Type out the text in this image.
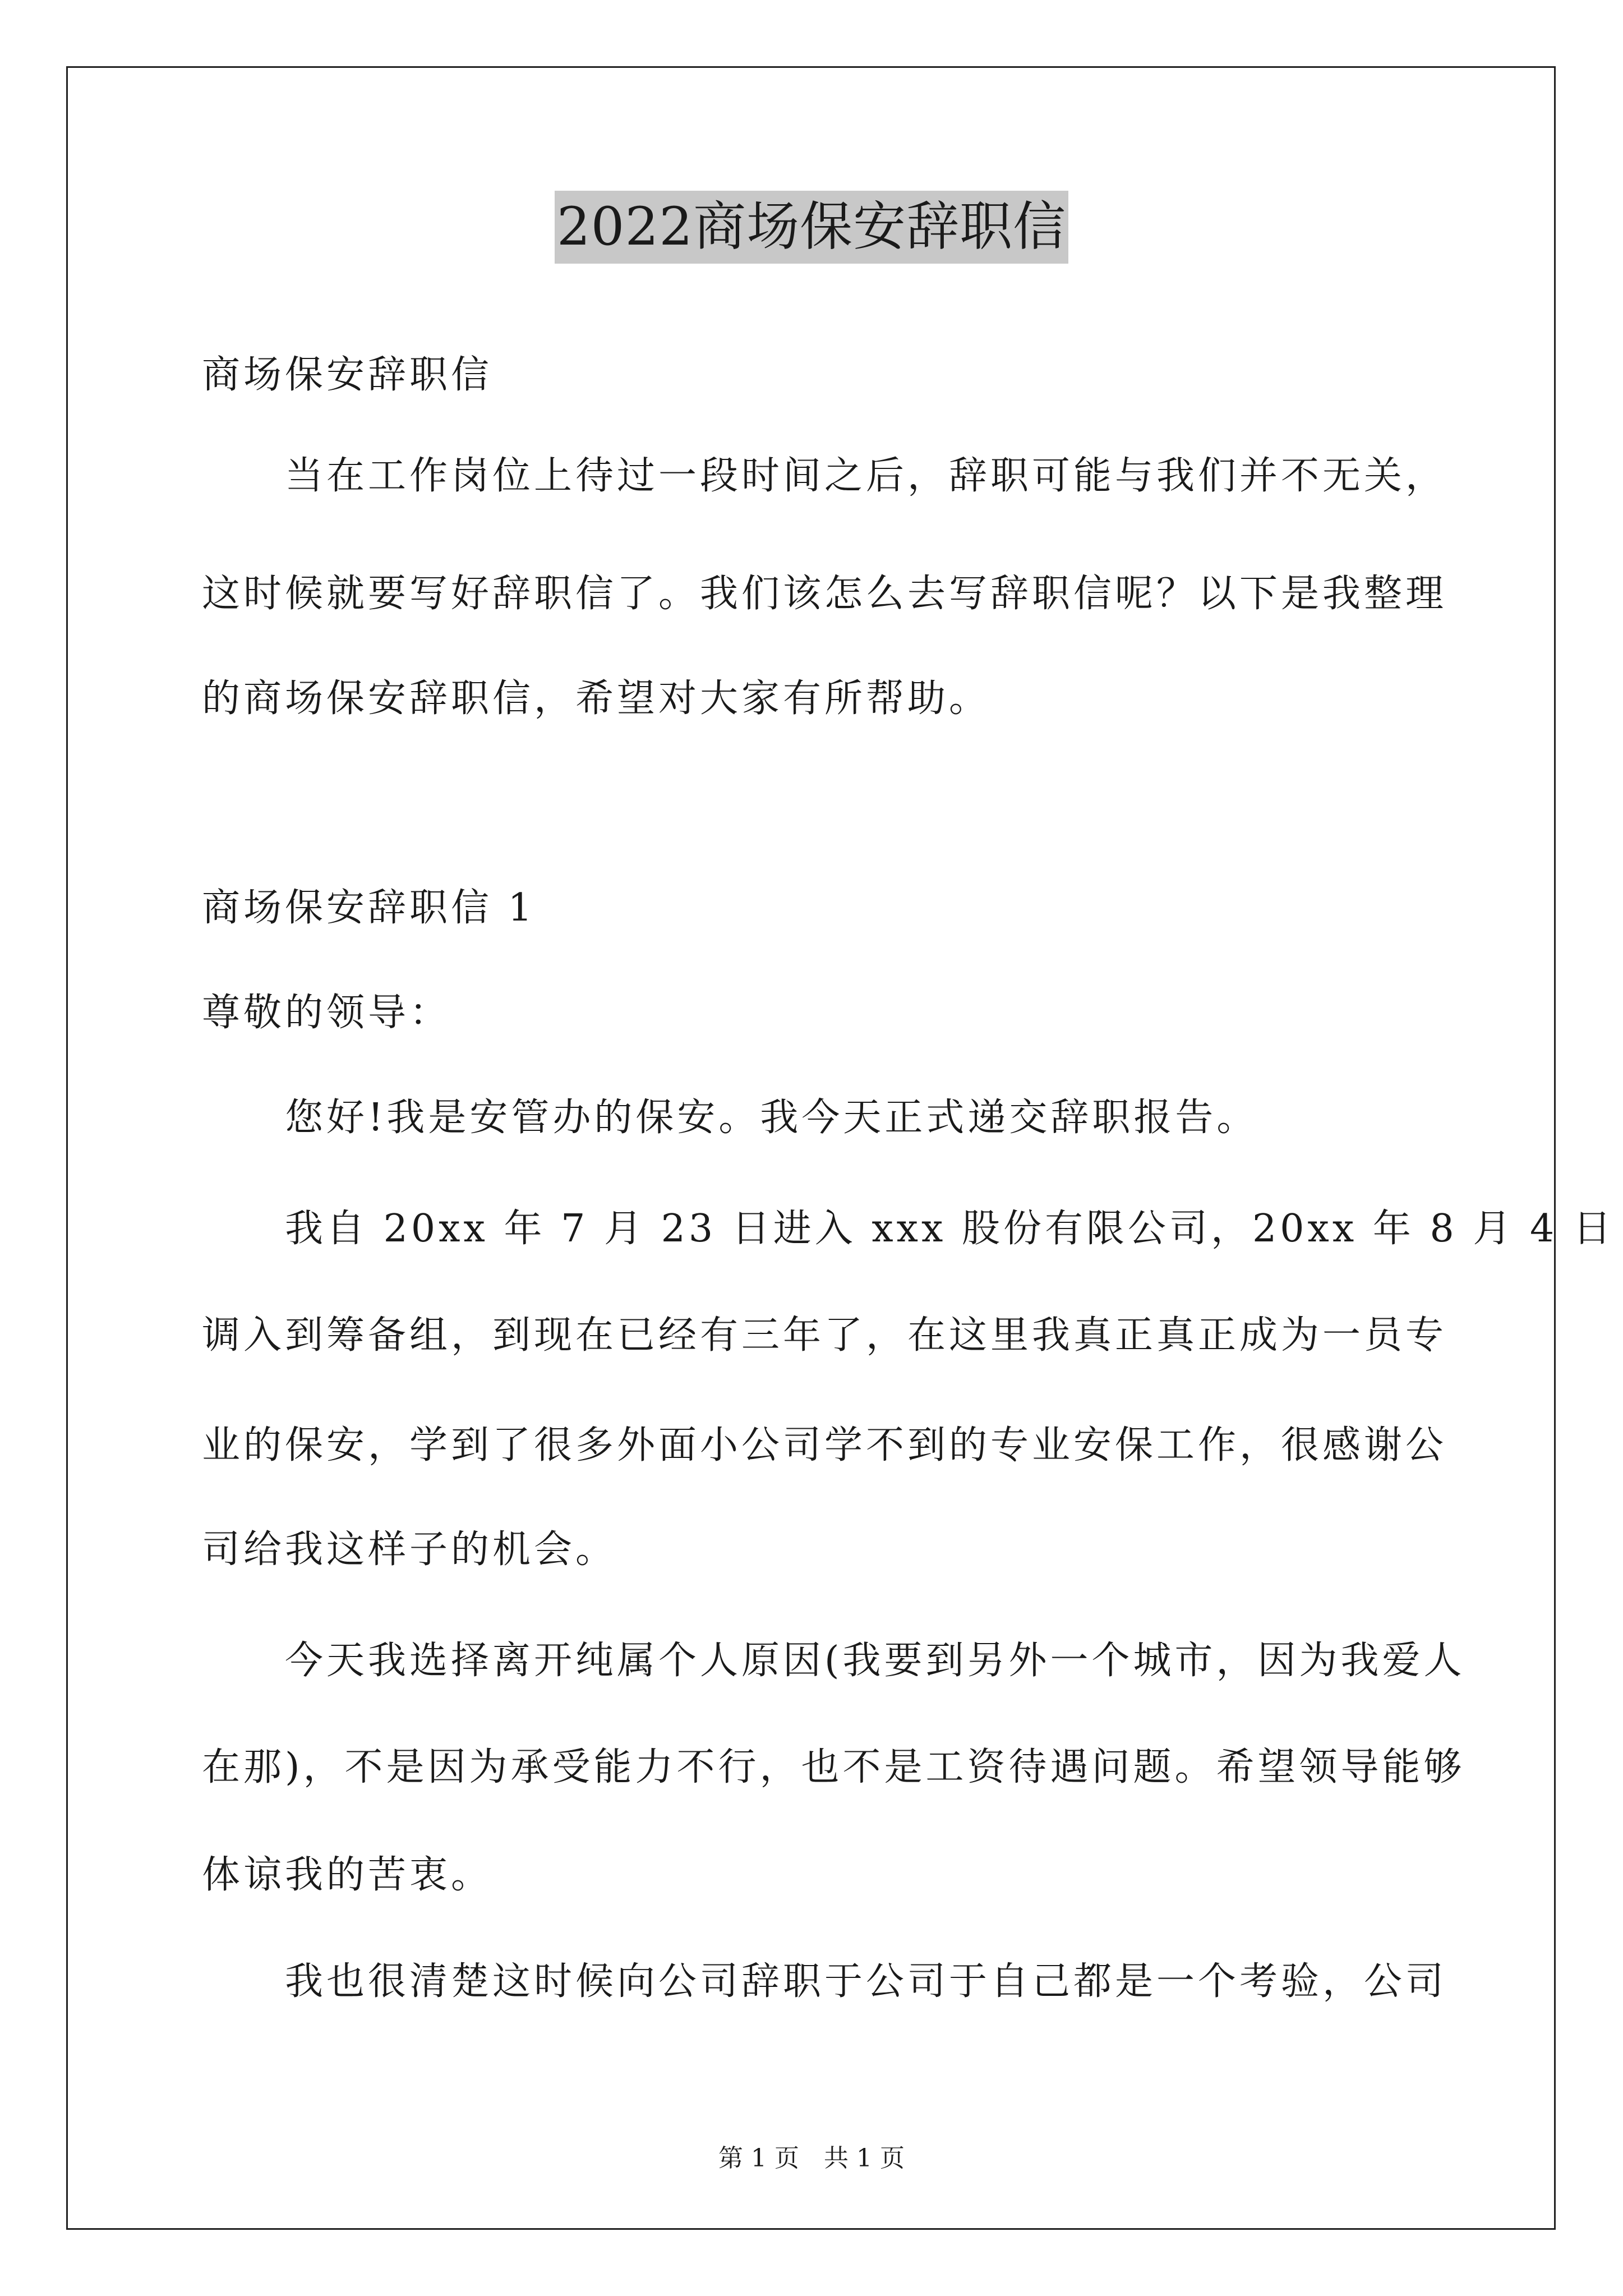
2022商场保安辞职信
商场保安辞职信
　　当在工作岗位上待过一段时间之后，辞职可能与我们并不无关，
这时候就要写好辞职信了。我们该怎么去写辞职信呢？以下是我整理
的商场保安辞职信，希望对大家有所帮助。
商场保安辞职信 1
尊敬的领导：
　　您好!我是安管办的保安。我今天正式递交辞职报告。
　　我自 20xx 年 7 月 23 日进入 xxx 股份有限公司，20xx 年 8 月 4 日
调入到筹备组，到现在已经有三年了，在这里我真正真正成为一员专
业的保安，学到了很多外面小公司学不到的专业安保工作，很感谢公
司给我这样子的机会。
　　今天我选择离开纯属个人原因(我要到另外一个城市，因为我爱人
在那)，不是因为承受能力不行，也不是工资待遇问题。希望领导能够
体谅我的苦衷。
　　我也很清楚这时候向公司辞职于公司于自己都是一个考验，公司
第 1 页　共 1 页
